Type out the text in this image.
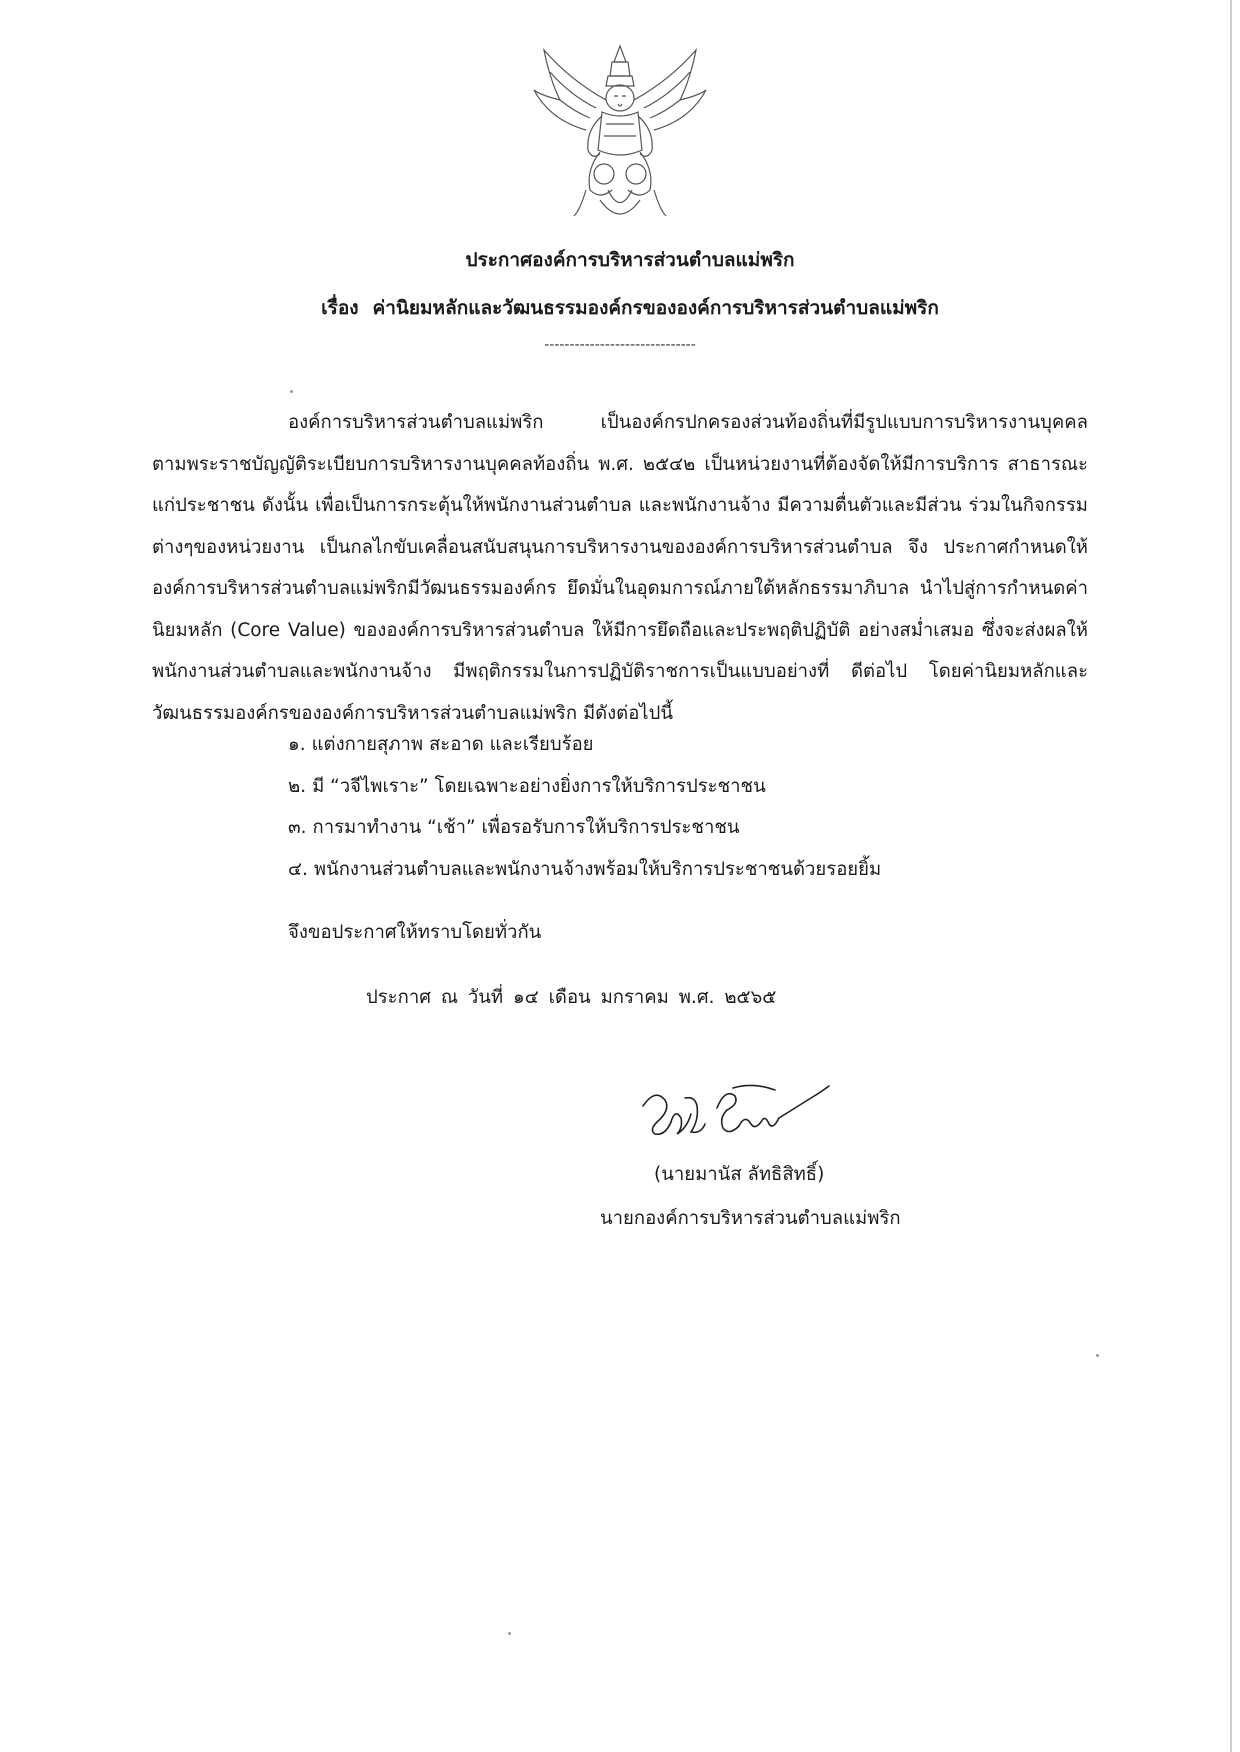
ประกาศองค์การบริหารส่วนตำบลแม่พริก

เรื่อง ค่านิยมหลักและวัฒนธรรมองค์กรขององค์การบริหารส่วนตำบลแม่พริก

------------------------------

องค์การบริหารส่วนตำบลแม่พริก เป็นองค์กรปกครองส่วนท้องถิ่นที่มีรูปแบบการบริหารงานบุคคล ตามพระราชบัญญัติระเบียบการบริหารงานบุคคลท้องถิ่น พ.ศ. ๒๕๔๒ เป็นหน่วยงานที่ต้องจัดให้มีการบริการ สาธารณะแก่ประชาชน ดังนั้น เพื่อเป็นการกระตุ้นให้พนักงานส่วนตำบล และพนักงานจ้าง มีความตื่นตัวและมีส่วน ร่วมในกิจกรรมต่างๆของหน่วยงาน เป็นกลไกขับเคลื่อนสนับสนุนการบริหารงานขององค์การบริหารส่วนตำบล จึง ประกาศกำหนดให้องค์การบริหารส่วนตำบลแม่พริกมีวัฒนธรรมองค์กร ยึดมั่นในอุดมการณ์ภายใต้หลักธรรมาภิบาล นำไปสู่การกำหนดค่านิยมหลัก (Core Value) ขององค์การบริหารส่วนตำบล ให้มีการยึดถือและประพฤติปฏิบัติ อย่างสม่ำเสมอ ซึ่งจะส่งผลให้พนักงานส่วนตำบลและพนักงานจ้าง มีพฤติกรรมในการปฏิบัติราชการเป็นแบบอย่างที่ ดีต่อไป โดยค่านิยมหลักและวัฒนธรรมองค์กรขององค์การบริหารส่วนตำบลแม่พริก มีดังต่อไปนี้

๑. แต่งกายสุภาพ สะอาด และเรียบร้อย
๒. มี “วจีไพเราะ” โดยเฉพาะอย่างยิ่งการให้บริการประชาชน
๓. การมาทำงาน “เช้า” เพื่อรอรับการให้บริการประชาชน
๔. พนักงานส่วนตำบลและพนักงานจ้างพร้อมให้บริการประชาชนด้วยรอยยิ้ม
จึงขอประกาศให้ทราบโดยทั่วกัน
ประกาศ ณ วันที่ ๑๔ เดือน มกราคม พ.ศ. ๒๕๖๕
(นายมานัส ลัทธิสิทธิ์)
นายกองค์การบริหารส่วนตำบลแม่พริก
